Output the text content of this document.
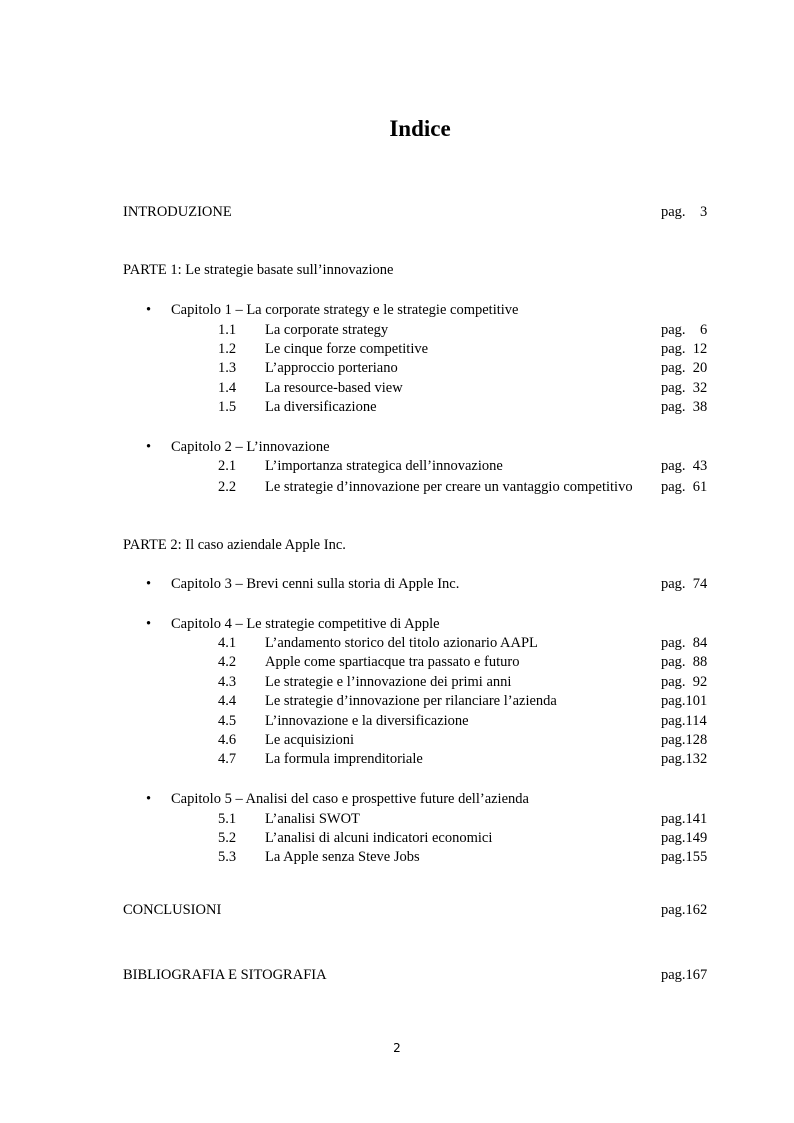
Indice
INTRODUZIONE	pag.    3
PARTE 1: Le strategie basate sull’innovazione
• Capitolo 1 – La corporate strategy e le strategie competitive
1.1 La corporate strategy	pag.    6
1.2 Le cinque forze competitive	pag.  12
1.3 L’approccio porteriano	pag.  20
1.4 La resource-based view	pag.  32
1.5 La diversificazione	pag.  38
• Capitolo 2 – L’innovazione
2.1 L’importanza strategica dell’innovazione	pag.  43
2.2 Le strategie d’innovazione per creare un vantaggio competitivo pag.  61
PARTE 2: Il caso aziendale Apple Inc.
• Capitolo 3 – Brevi cenni sulla storia di Apple Inc.	pag.  74
• Capitolo 4 – Le strategie competitive di Apple
4.1 L’andamento storico del titolo azionario AAPL	pag.  84
4.2 Apple come spartiacque tra passato e futuro	pag.  88
4.3 Le strategie e l’innovazione dei primi anni	pag.  92
4.4 Le strategie d’innovazione per rilanciare l’azienda	pag.101
4.5 L’innovazione e la diversificazione	pag.114
4.6 Le acquisizioni	pag.128
4.7 La formula imprenditoriale	pag.132
• Capitolo 5 – Analisi del caso e prospettive future dell’azienda
5.1 L’analisi SWOT	pag.141
5.2 L’analisi di alcuni indicatori economici	pag.149
5.3 La Apple senza Steve Jobs	pag.155
CONCLUSIONI	pag.162
BIBLIOGRAFIA E SITOGRAFIA	pag.167
2
